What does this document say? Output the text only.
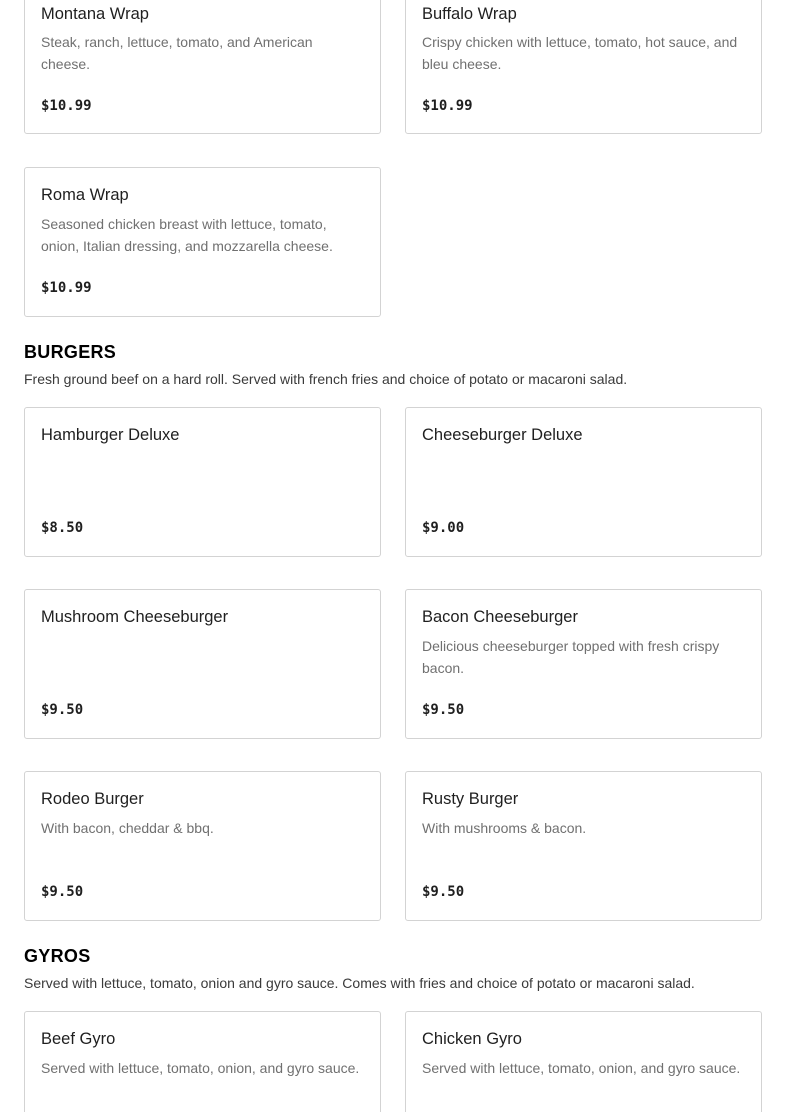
Montana Wrap

Steak, ranch, lettuce, tomato, and American cheese.

$10.99

Buffalo Wrap

Crispy chicken with lettuce, tomato, hot sauce, and bleu cheese.

$10.99

Roma Wrap

Seasoned chicken breast with lettuce, tomato, onion, Italian dressing, and mozzarella cheese.

$10.99
BURGERS

Fresh ground beef on a hard roll. Served with french fries and choice of potato or macaroni salad.

Hamburger Deluxe

$8.50

Cheeseburger Deluxe

$9.00

Mushroom Cheeseburger

$9.50

Bacon Cheeseburger

Delicious cheeseburger topped with fresh crispy bacon.

$9.50

Rodeo Burger

With bacon, cheddar & bbq.

$9.50

Rusty Burger

With mushrooms & bacon.

$9.50
GYROS

Served with lettuce, tomato, onion and gyro sauce. Comes with fries and choice of potato or macaroni salad.

Beef Gyro

Served with lettuce, tomato, onion, and gyro sauce.

Chicken Gyro

Served with lettuce, tomato, onion, and gyro sauce.
